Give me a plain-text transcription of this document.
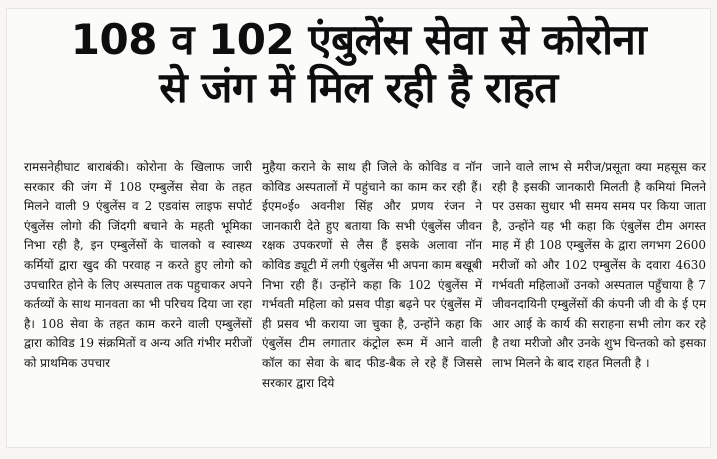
108 व 102 एंबुलेंस सेवा से कोरोना
से जंग में मिल रही है राहत

रामसनेहीघाट बाराबंकी। कोरोना के खिलाफ जारी सरकार की जंग में 108 एम्बुलेंस सेवा के तहत मिलने वाली 9 एंबुलेंस व 2 एडवांस लाइफ सपोर्ट एंबुलेंस लोगो की जिंदगी बचाने के महती भूमिका निभा रही है, इन एम्बुलेंसों के चालको व स्वास्थ्य कर्मियों द्वारा खुद की परवाह न करते हुए लोगो को उपचारित होने के लिए अस्पताल तक पहुचाकर अपने कर्तव्यों के साथ मानवता का भी परिचय दिया जा रहा है। 108 सेवा के तहत काम करने वाली एम्बुलेंसों द्वारा कोविड 19 संक्रमितों व अन्य अति गंभीर मरीजों को प्राथमिक उपचार

मुहैया कराने के साथ ही जिले के कोविड व नॉन कोविड अस्पतालों में पहुंचाने का काम कर रही हैं।ईएम०ई० अवनीश सिंह और प्रणय रंजन ने जानकारी देते हुए बताया कि सभी एंबुलेंस जीवन रक्षक उपकरणों से लैस हैं इसके अलावा नॉन कोविड ड्यूटी में लगी एंबुलेंस भी अपना काम बखूबी निभा रही हैं। उन्होंने कहा कि 102 एंबुलेंस में गर्भवती महिला को प्रसव पीड़ा बढ़ने पर एंबुलेंस में ही प्रसव भी कराया जा चुका है, उन्होंने कहा कि एंबुलेंस टीम लगातार कंट्रोल रूम में आने वाली कॉल का सेवा के बाद फीड-बैक ले रहे हैं जिससे सरकार द्वारा दिये

जाने वाले लाभ से मरीज/प्रसूता क्या महसूस कर रही है इसकी जानकारी मिलती है कमियां मिलने पर उसका सुधार भी समय समय पर किया जाता है, उन्होंने यह भी कहा कि एंबुलेंस टीम अगस्त माह में ही 108 एम्बुलेंस के द्वारा लगभग 2600 मरीजों को और 102 एम्बुलेंस के दवारा 4630 गर्भवती महिलाओं उनको अस्पताल पहुँचाया है 7 जीवनदायिनी एम्बुलेंसों की कंपनी जी वी के ई एम आर आई के कार्य की सराहना सभी लोग कर रहे है तथा मरीजो और उनके शुभ चिन्तको को इसका लाभ मिलने के बाद राहत मिलती है ।
